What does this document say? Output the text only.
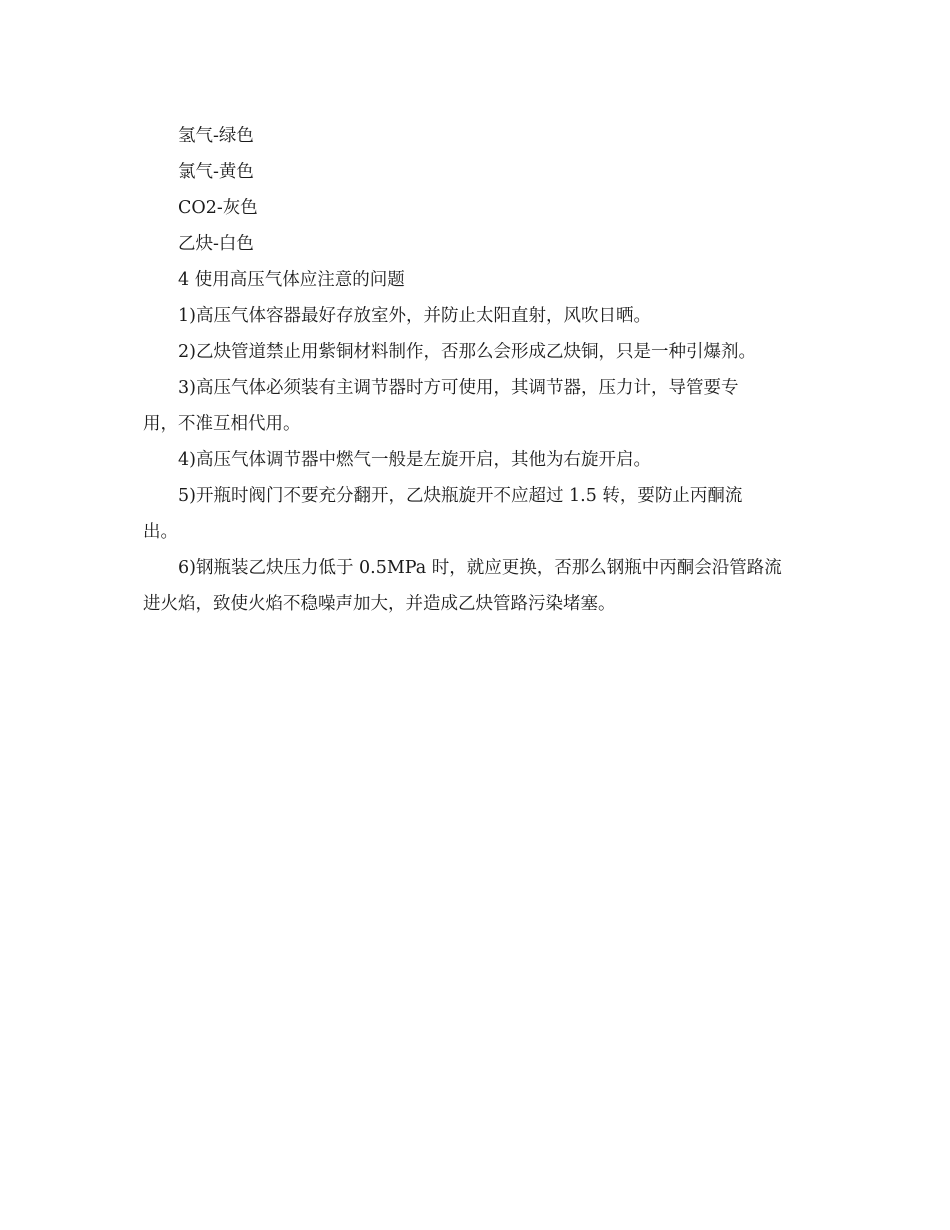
氢气-绿色

氯气-黄色

CO2-灰色

乙炔-白色

4 使用高压气体应注意的问题

1)高压气体容器最好存放室外，并防止太阳直射，风吹日晒。

2)乙炔管道禁止用紫铜材料制作，否那么会形成乙炔铜，只是一种引爆剂。

3)高压气体必须装有主调节器时方可使用，其调节器，压力计，导管要专

用，不准互相代用。

4)高压气体调节器中燃气一般是左旋开启，其他为右旋开启。

5)开瓶时阀门不要充分翻开，乙炔瓶旋开不应超过 1.5 转，要防止丙酮流

出。

6)钢瓶装乙炔压力低于 0.5MPa 时，就应更换，否那么钢瓶中丙酮会沿管路流

进火焰，致使火焰不稳噪声加大，并造成乙炔管路污染堵塞。
